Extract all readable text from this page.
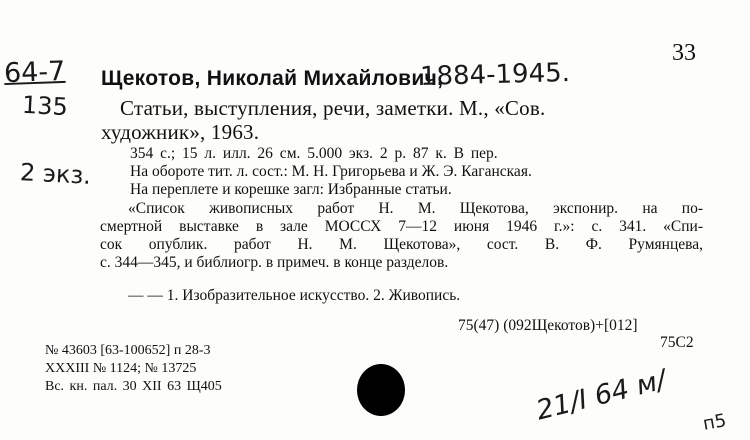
33
64-7 Щекотов, Николай Михайлович,
1884-1945.
135 Статьи, выступления, речи, заметки. М., «Сов.
художник», 1963.
354 с.; 15 л. илл. 26 см. 5.000 экз. 2 р. 87 к. В пер.
2 экз. На обороте тит. л. сост.: М. Н. Григорьева и Ж. Э. Каганская.
На переплете и корешке загл: Избранные статьи.
«Список живописных работ Н. М. Щекотова, экспонир. на по-
смертной выставке в зале МОССХ 7—12 июня 1946 г.»: с. 341. «Спи-
сок опублик. работ Н. М. Щекотова», сост. В. Ф. Румянцева,
с. 344—345, и библиогр. в примеч. в конце разделов.
— — 1. Изобразительное искусство. 2. Живопись.
75(47) (092Щекотов)+[012]
75С2
№ 43603 [63-100652] п 28-3
XXXIII № 1124; № 13725
Вс. кн. пал. 30 XII 63 Щ405	21/I 64 м/ п5
